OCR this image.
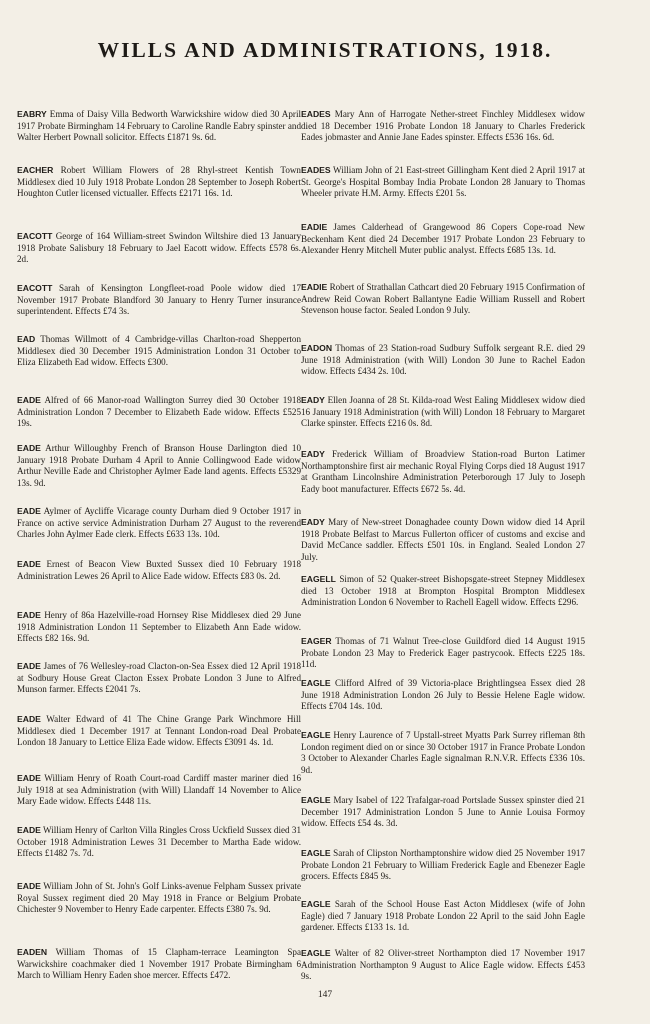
WILLS AND ADMINISTRATIONS, 1918.
EABRY Emma of Daisy Villa Bedworth Warwickshire widow died 30 April 1917 Probate Birmingham 14 February to Caroline Randle Eabry spinster and Walter Herbert Pownall solicitor. Effects £1871 9s. 6d.
EACHER Robert William Flowers of 28 Rhyl-street Kentish Town Middlesex died 10 July 1918 Probate London 28 September to Joseph Robert Houghton Cutler licensed victualler. Effects £2171 16s. 1d.
EACOTT George of 164 William-street Swindon Wiltshire died 13 January 1918 Probate Salisbury 18 February to Jael Eacott widow. Effects £578 6s. 2d.
EACOTT Sarah of Kensington Longfleet-road Poole widow died 17 November 1917 Probate Blandford 30 January to Henry Turner insurance superintendent. Effects £74 3s.
EAD Thomas Willmott of 4 Cambridge-villas Charlton-road Shepperton Middlesex died 30 December 1915 Administration London 31 October to Eliza Elizabeth Ead widow. Effects £300.
EADE Alfred of 66 Manor-road Wallington Surrey died 30 October 1918 Administration London 7 December to Elizabeth Eade widow. Effects £525 19s.
EADE Arthur Willoughby French of Branson House Darlington died 10 January 1918 Probate Durham 4 April to Annie Collingwood Eade widow Arthur Neville Eade and Christopher Aylmer Eade land agents. Effects £5329 13s. 9d.
EADE Aylmer of Aycliffe Vicarage county Durham died 9 October 1917 in France on active service Administration Durham 27 August to the reverend Charles John Aylmer Eade clerk. Effects £633 13s. 10d.
EADE Ernest of Beacon View Buxted Sussex died 10 February 1918 Administration Lewes 26 April to Alice Eade widow. Effects £83 0s. 2d.
EADE Henry of 86a Hazelville-road Hornsey Rise Middlesex died 29 June 1918 Administration London 11 September to Elizabeth Ann Eade widow. Effects £82 16s. 9d.
EADE James of 76 Wellesley-road Clacton-on-Sea Essex died 12 April 1918 at Sodbury House Great Clacton Essex Probate London 3 June to Alfred Munson farmer. Effects £2041 7s.
EADE Walter Edward of 41 The Chine Grange Park Winchmore Hill Middlesex died 1 December 1917 at Tennant London-road Deal Probate London 18 January to Lettice Eliza Eade widow. Effects £3091 4s. 1d.
EADE William Henry of Roath Court-road Cardiff master mariner died 16 July 1918 at sea Administration (with Will) Llandaff 14 November to Alice Mary Eade widow. Effects £448 11s.
EADE William Henry of Carlton Villa Ringles Cross Uckfield Sussex died 31 October 1918 Administration Lewes 31 December to Martha Eade widow. Effects £1482 7s. 7d.
EADE William John of St. John's Golf Links-avenue Felpham Sussex private Royal Sussex regiment died 20 May 1918 in France or Belgium Probate Chichester 9 November to Henry Eade carpenter. Effects £380 7s. 9d.
EADEN William Thomas of 15 Clapham-terrace Leamington Spa Warwickshire coachmaker died 1 November 1917 Probate Birmingham 6 March to William Henry Eaden shoe mercer. Effects £472.
EADES Mary Ann of Harrogate Nether-street Finchley Middlesex widow died 18 December 1916 Probate London 18 January to Charles Frederick Eades jobmaster and Annie Jane Eades spinster. Effects £536 16s. 6d.
EADES William John of 21 East-street Gillingham Kent died 2 April 1917 at St. George's Hospital Bombay India Probate London 28 January to Thomas Wheeler private H.M. Army. Effects £201 5s.
EADIE James Calderhead of Grangewood 86 Copers Cope-road New Beckenham Kent died 24 December 1917 Probate London 23 February to Alexander Henry Mitchell Muter public analyst. Effects £685 13s. 1d.
EADIE Robert of Strathallan Cathcart died 20 February 1915 Confirmation of Andrew Reid Cowan Robert Ballantyne Eadie William Russell and Robert Stevenson house factor. Sealed London 9 July.
EADON Thomas of 23 Station-road Sudbury Suffolk sergeant R.E. died 29 June 1918 Administration (with Will) London 30 June to Rachel Eadon widow. Effects £434 2s. 10d.
EADY Ellen Joanna of 28 St. Kilda-road West Ealing Middlesex widow died 16 January 1918 Administration (with Will) London 18 February to Margaret Clarke spinster. Effects £216 0s. 8d.
EADY Frederick William of Broadview Station-road Burton Latimer Northamptonshire first air mechanic Royal Flying Corps died 18 August 1917 at Grantham Lincolnshire Administration Peterborough 17 July to Joseph Eady boot manufacturer. Effects £672 5s. 4d.
EADY Mary of New-street Donaghadee county Down widow died 14 April 1918 Probate Belfast to Marcus Fullerton officer of customs and excise and David McCance saddler. Effects £501 10s. in England. Sealed London 27 July.
EAGELL Simon of 52 Quaker-street Bishopsgate-street Stepney Middlesex died 13 October 1918 at Brompton Hospital Brompton Middlesex Administration London 6 November to Rachell Eagell widow. Effects £296.
EAGER Thomas of 71 Walnut Tree-close Guildford died 14 August 1915 Probate London 23 May to Frederick Eager pastrycook. Effects £225 18s. 11d.
EAGLE Clifford Alfred of 39 Victoria-place Brightlingsea Essex died 28 June 1918 Administration London 26 July to Bessie Helene Eagle widow. Effects £704 14s. 10d.
EAGLE Henry Laurence of 7 Upstall-street Myatts Park Surrey rifleman 8th London regiment died on or since 30 October 1917 in France Probate London 3 October to Alexander Charles Eagle signalman R.N.V.R. Effects £336 10s. 9d.
EAGLE Mary Isabel of 122 Trafalgar-road Portslade Sussex spinster died 21 December 1917 Administration London 5 June to Annie Louisa Formoy widow. Effects £54 4s. 3d.
EAGLE Sarah of Clipston Northamptonshire widow died 25 November 1917 Probate London 21 February to William Frederick Eagle and Ebenezer Eagle grocers. Effects £845 9s.
EAGLE Sarah of the School House East Acton Middlesex (wife of John Eagle) died 7 January 1918 Probate London 22 April to the said John Eagle gardener. Effects £133 1s. 1d.
EAGLE Walter of 82 Oliver-street Northampton died 17 November 1917 Administration Northampton 9 August to Alice Eagle widow. Effects £453 9s.
147
